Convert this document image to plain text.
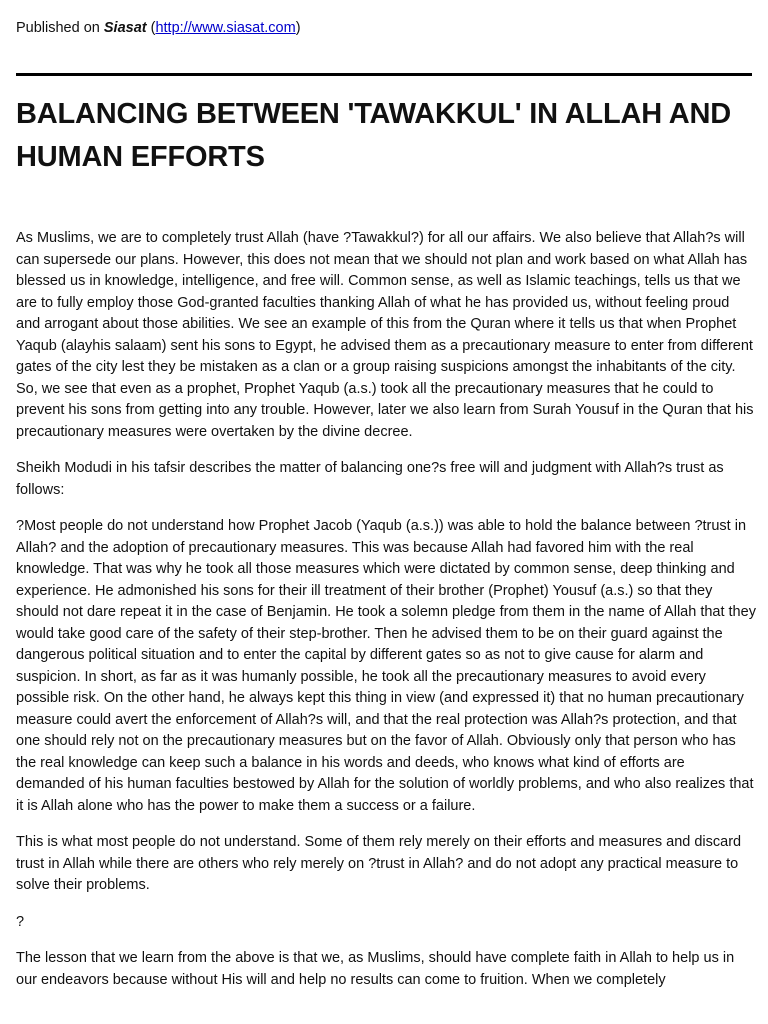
Published on Siasat (http://www.siasat.com)
BALANCING BETWEEN 'TAWAKKUL' IN ALLAH AND HUMAN EFFORTS

As Muslims, we are to completely trust Allah (have ?Tawakkul?) for all our affairs. We also believe that Allah?s will can supersede our plans. However, this does not mean that we should not plan and work based on what Allah has blessed us in knowledge, intelligence, and free will. Common sense, as well as Islamic teachings, tells us that we are to fully employ those God-granted faculties thanking Allah of what he has provided us, without feeling proud and arrogant about those abilities. We see an example of this from the Quran where it tells us that when Prophet Yaqub (alayhis salaam) sent his sons to Egypt, he advised them as a precautionary measure to enter from different gates of the city lest they be mistaken as a clan or a group raising suspicions amongst the inhabitants of the city. So, we see that even as a prophet, Prophet Yaqub (a.s.) took all the precautionary measures that he could to prevent his sons from getting into any trouble. However, later we also learn from Surah Yousuf in the Quran that his precautionary measures were overtaken by the divine decree.

Sheikh Modudi in his tafsir describes the matter of balancing one?s free will and judgment with Allah?s trust as follows:

?Most people do not understand how Prophet Jacob (Yaqub (a.s.)) was able to hold the balance between ?trust in Allah? and the adoption of precautionary measures. This was because Allah had favored him with the real knowledge. That was why he took all those measures which were dictated by common sense, deep thinking and experience. He admonished his sons for their ill treatment of their brother (Prophet) Yousuf (a.s.) so that they should not dare repeat it in the case of Benjamin. He took a solemn pledge from them in the name of Allah that they would take good care of the safety of their step-brother. Then he advised them to be on their guard against the dangerous political situation and to enter the capital by different gates so as not to give cause for alarm and suspicion. In short, as far as it was humanly possible, he took all the precautionary measures to avoid every possible risk. On the other hand, he always kept this thing in view (and expressed it) that no human precautionary measure could avert the enforcement of Allah?s will, and that the real protection was Allah?s protection, and that one should rely not on the precautionary measures but on the favor of Allah. Obviously only that person who has the real knowledge can keep such a balance in his words and deeds, who knows what kind of efforts are demanded of his human faculties bestowed by Allah for the solution of worldly problems, and who also realizes that it is Allah alone who has the power to make them a success or a failure.

This is what most people do not understand. Some of them rely merely on their efforts and measures and discard trust in Allah while there are others who rely merely on ?trust in Allah? and do not adopt any practical measure to solve their problems.

?

The lesson that we learn from the above is that we, as Muslims, should have complete faith in Allah to help us in our endeavors because without His will and help no results can come to fruition. When we completely
